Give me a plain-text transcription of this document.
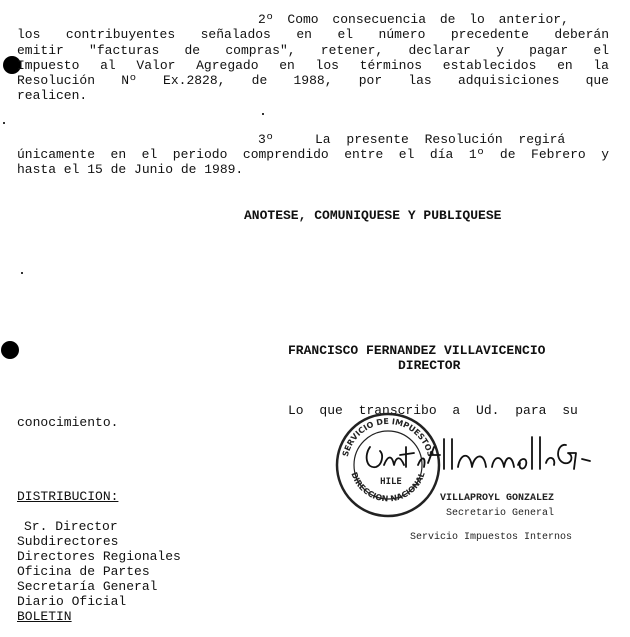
2º Como consecuencia de lo anterior,
los contribuyentes señalados en el número precedente deberán
emitir "facturas de compras", retener, declarar y pagar el
Impuesto al Valor Agregado en los términos establecidos en la
Resolución Nº Ex.2828, de 1988, por las adquisiciones que
realicen.
3º	La presente Resolución regirá
únicamente en el periodo comprendido entre el día 1º de Febrero y
hasta el 15 de Junio de 1989.
ANOTESE, COMUNIQUESE Y PUBLIQUESE
FRANCISCO FERNANDEZ VILLAVICENCIO
DIRECTOR
Lo que transcribo a Ud. para su
conocimiento.
SERVICIO DE IMPUESTOS
DIRECCION NACIONAL
HILE
VILLAPROYL GONZALEZ
Secretario General
Servicio Impuestos Internos
DISTRIBUCION:
Sr. Director
Subdirectores
Directores Regionales
Oficina de Partes
Secretaría General
Diario Oficial
BOLETIN
